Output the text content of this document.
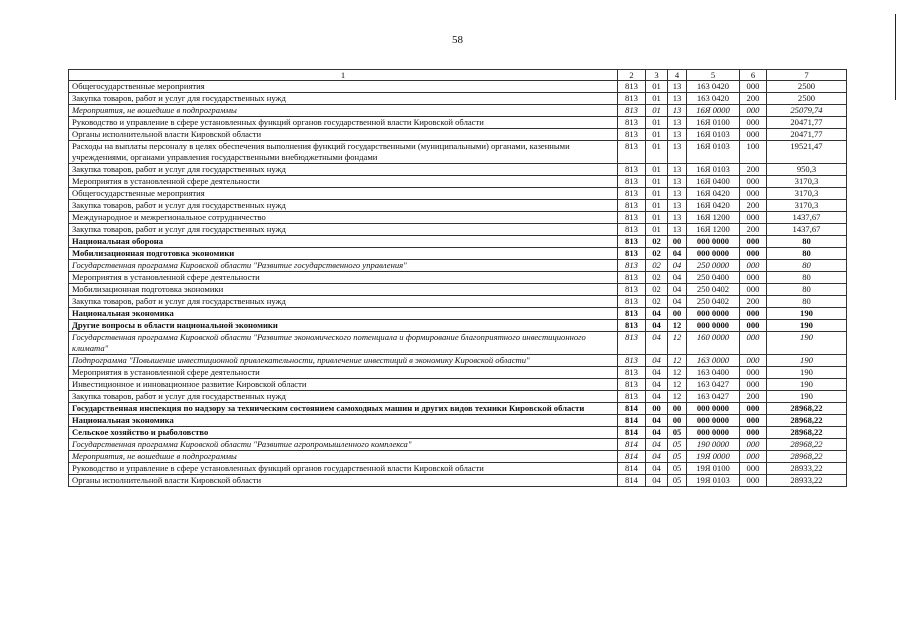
58
1	2	3	4	5	6	7
Общегосударственные мероприятия	813	01	13	163 0420	000	2500
Закупка товаров, работ и услуг для государственных нужд	813	01	13	163 0420	200	2500
Мероприятия, не вошедшие в подпрограммы	813	01	13	16Я 0000	000	25079,74
Руководство и управление в сфере установленных функций органов государственной власти Кировской области	813	01	13	16Я 0100	000	20471,77
Органы исполнительной власти Кировской области	813	01	13	16Я 0103	000	20471,77
Расходы на выплаты персоналу в целях обеспечения выполнения функций государственными (муниципальными) органами, казенными учреждениями, органами управления государственными внебюджетными фондами	813	01	13	16Я 0103	100	19521,47
Закупка товаров, работ и услуг для государственных нужд	813	01	13	16Я 0103	200	950,3
Мероприятия в установленной сфере деятельности	813	01	13	16Я 0400	000	3170,3
Общегосударственные мероприятия	813	01	13	16Я 0420	000	3170,3
Закупка товаров, работ и услуг для государственных нужд	813	01	13	16Я 0420	200	3170,3
Международное и межрегиональное сотрудничество	813	01	13	16Я 1200	000	1437,67
Закупка товаров, работ и услуг для государственных нужд	813	01	13	16Я 1200	200	1437,67
Национальная оборона	813	02	00	000 0000	000	80
Мобилизационная подготовка экономики	813	02	04	000 0000	000	80
Государственная программа Кировской области "Развитие государственного управления"	813	02	04	250 0000	000	80
Мероприятия в установленной сфере деятельности	813	02	04	250 0400	000	80
Мобилизационная подготовка экономики	813	02	04	250 0402	000	80
Закупка товаров, работ и услуг для государственных нужд	813	02	04	250 0402	200	80
Национальная экономика	813	04	00	000 0000	000	190
Другие вопросы в области национальной экономики	813	04	12	000 0000	000	190
Государственная программа Кировской области "Развитие экономического потенциала и формирование благоприятного инвестиционного климата"	813	04	12	160 0000	000	190
Подпрограмма "Повышение инвестиционной привлекательности, привлечение инвестиций в экономику Кировской области"	813	04	12	163 0000	000	190
Мероприятия в установленной сфере деятельности	813	04	12	163 0400	000	190
Инвестиционное и инновационное развитие Кировской области	813	04	12	163 0427	000	190
Закупка товаров, работ и услуг для государственных нужд	813	04	12	163 0427	200	190
Государственная инспекция по надзору за техническим состоянием самоходных машин и других видов техники Кировской области	814	00	00	000 0000	000	28968,22
Национальная экономика	814	04	00	000 0000	000	28968,22
Сельское хозяйство и рыболовство	814	04	05	000 0000	000	28968,22
Государственная программа Кировской области "Развитие агропромышленного комплекса"	814	04	05	190 0000	000	28968,22
Мероприятия, не вошедшие в подпрограммы	814	04	05	19Я 0000	000	28968,22
Руководство и управление в сфере установленных функций органов государственной власти Кировской области	814	04	05	19Я 0100	000	28933,22
Органы исполнительной власти Кировской области	814	04	05	19Я 0103	000	28933,22
